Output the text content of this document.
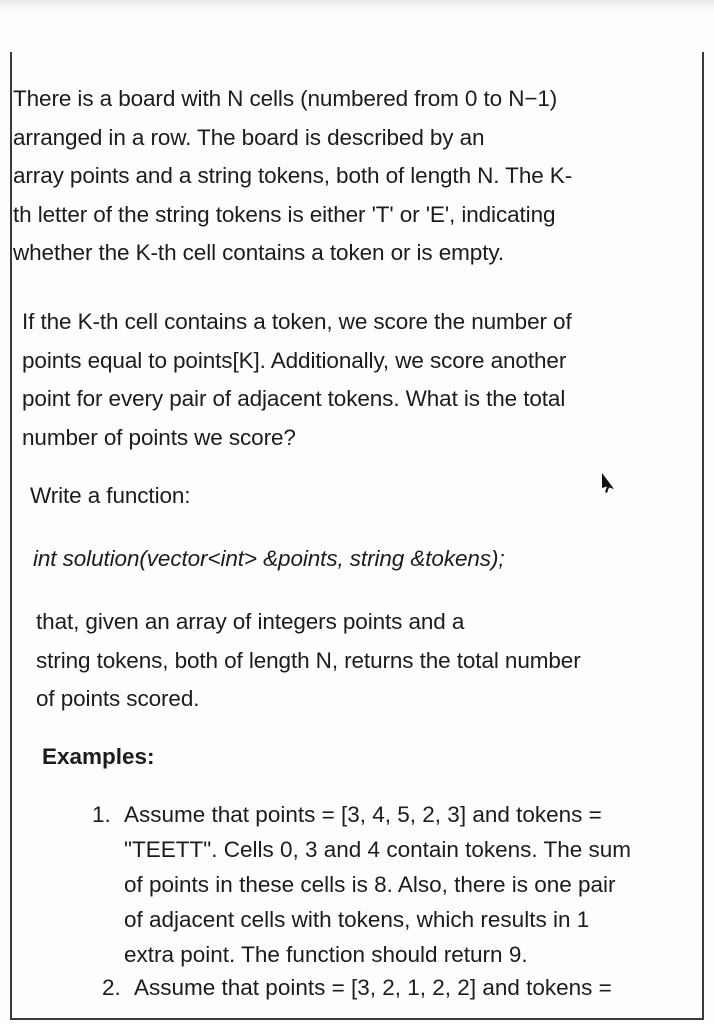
There is a board with N cells (numbered from 0 to N−1)
arranged in a row. The board is described by an
array points and a string tokens, both of length N. The K-
th letter of the string tokens is either 'T' or 'E', indicating
whether the K-th cell contains a token or is empty.

If the K-th cell contains a token, we score the number of
points equal to points[K]. Additionally, we score another
point for every pair of adjacent tokens. What is the total
number of points we score?

Write a function:

int solution(vector<int> &points, string &tokens);

that, given an array of integers points and a
string tokens, both of length N, returns the total number
of points scored.

Examples:

1. Assume that points = [3, 4, 5, 2, 3] and tokens =
"TEETT". Cells 0, 3 and 4 contain tokens. The sum
of points in these cells is 8. Also, there is one pair
of adjacent cells with tokens, which results in 1
extra point. The function should return 9.
2. Assume that points = [3, 2, 1, 2, 2] and tokens =
